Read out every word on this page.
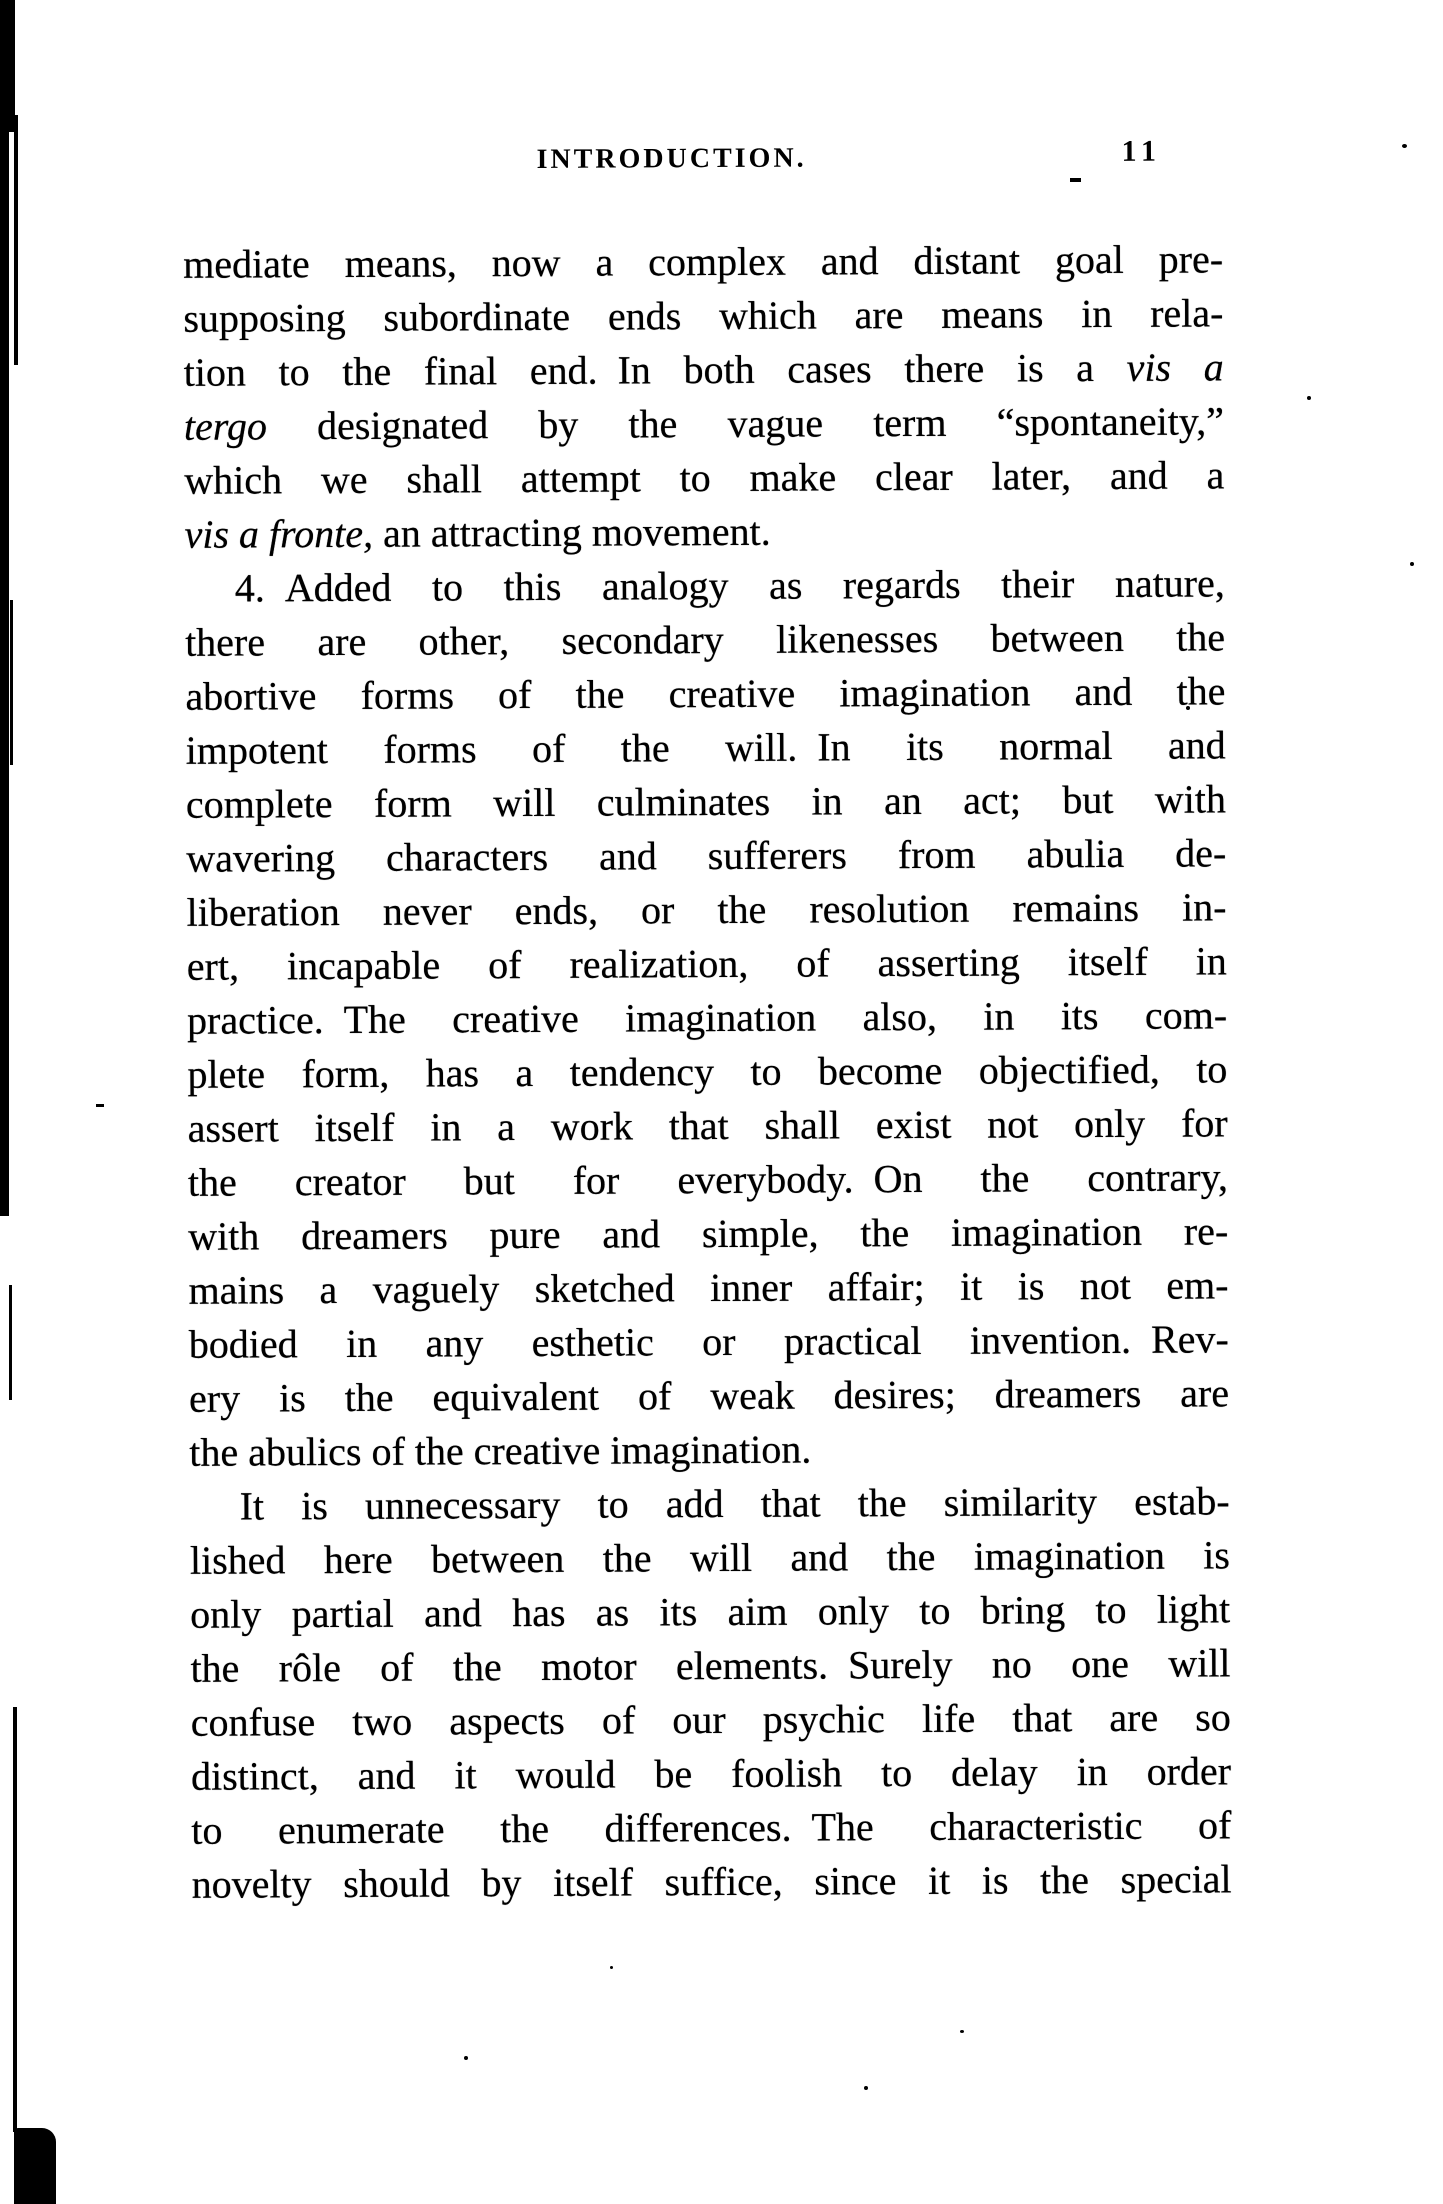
INTRODUCTION.	11
mediate means, now a complex and distant goal pre-
supposing subordinate ends which are means in rela-
tion to the final end. In both cases there is a vis a
tergo designated by the vague term “spontaneity,”
which we shall attempt to make clear later, and a
vis a fronte, an attracting movement.
4. Added to this analogy as regards their nature,
there are other, secondary likenesses between the
abortive forms of the creative imagination and the
impotent forms of the will. In its normal and
complete form will culminates in an act; but with
wavering characters and sufferers from abulia de-
liberation never ends, or the resolution remains in-
ert, incapable of realization, of asserting itself in
practice. The creative imagination also, in its com-
plete form, has a tendency to become objectified, to
assert itself in a work that shall exist not only for
the creator but for everybody. On the contrary,
with dreamers pure and simple, the imagination re-
mains a vaguely sketched inner affair; it is not em-
bodied in any esthetic or practical invention. Rev-
ery is the equivalent of weak desires; dreamers are
the abulics of the creative imagination.
It is unnecessary to add that the similarity estab-
lished here between the will and the imagination is
only partial and has as its aim only to bring to light
the rôle of the motor elements. Surely no one will
confuse two aspects of our psychic life that are so
distinct, and it would be foolish to delay in order
to enumerate the differences. The characteristic of
novelty should by itself suffice, since it is the special
